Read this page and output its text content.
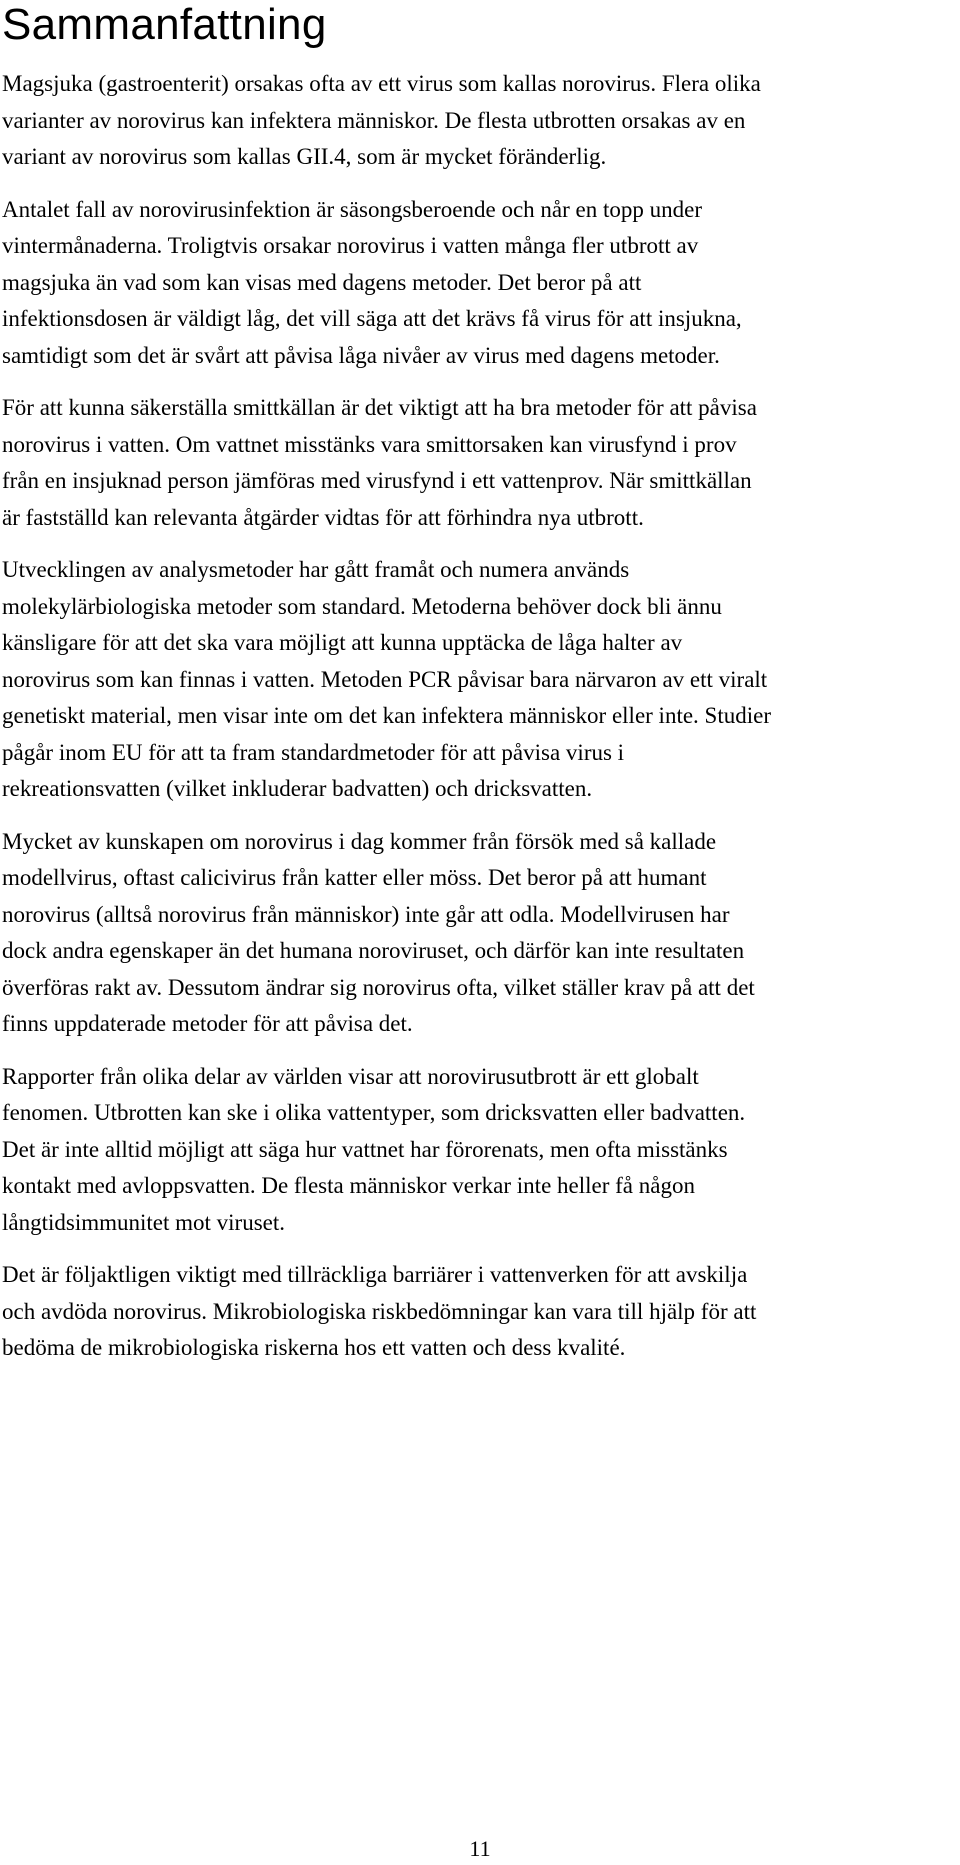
Sammanfattning

Magsjuka (gastroenterit) orsakas ofta av ett virus som kallas norovirus. Flera olika
varianter av norovirus kan infektera människor. De flesta utbrotten orsakas av en
variant av norovirus som kallas GII.4, som är mycket föränderlig.

Antalet fall av norovirusinfektion är säsongsberoende och når en topp under
vintermånaderna. Troligtvis orsakar norovirus i vatten många fler utbrott av
magsjuka än vad som kan visas med dagens metoder. Det beror på att
infektionsdosen är väldigt låg, det vill säga att det krävs få virus för att insjukna,
samtidigt som det är svårt att påvisa låga nivåer av virus med dagens metoder.

För att kunna säkerställa smittkällan är det viktigt att ha bra metoder för att påvisa
norovirus i vatten. Om vattnet misstänks vara smittorsaken kan virusfynd i prov
från en insjuknad person jämföras med virusfynd i ett vattenprov. När smittkällan
är fastställd kan relevanta åtgärder vidtas för att förhindra nya utbrott.

Utvecklingen av analysmetoder har gått framåt och numera används
molekylärbiologiska metoder som standard. Metoderna behöver dock bli ännu
känsligare för att det ska vara möjligt att kunna upptäcka de låga halter av
norovirus som kan finnas i vatten. Metoden PCR påvisar bara närvaron av ett viralt
genetiskt material, men visar inte om det kan infektera människor eller inte. Studier
pågår inom EU för att ta fram standardmetoder för att påvisa virus i
rekreationsvatten (vilket inkluderar badvatten) och dricksvatten.

Mycket av kunskapen om norovirus i dag kommer från försök med så kallade
modellvirus, oftast calicivirus från katter eller möss. Det beror på att humant
norovirus (alltså norovirus från människor) inte går att odla. Modellvirusen har
dock andra egenskaper än det humana noroviruset, och därför kan inte resultaten
överföras rakt av. Dessutom ändrar sig norovirus ofta, vilket ställer krav på att det
finns uppdaterade metoder för att påvisa det.

Rapporter från olika delar av världen visar att norovirusutbrott är ett globalt
fenomen. Utbrotten kan ske i olika vattentyper, som dricksvatten eller badvatten.
Det är inte alltid möjligt att säga hur vattnet har förorenats, men ofta misstänks
kontakt med avloppsvatten. De flesta människor verkar inte heller få någon
långtidsimmunitet mot viruset.

Det är följaktligen viktigt med tillräckliga barriärer i vattenverken för att avskilja
och avdöda norovirus. Mikrobiologiska riskbedömningar kan vara till hjälp för att
bedöma de mikrobiologiska riskerna hos ett vatten och dess kvalité.

11
